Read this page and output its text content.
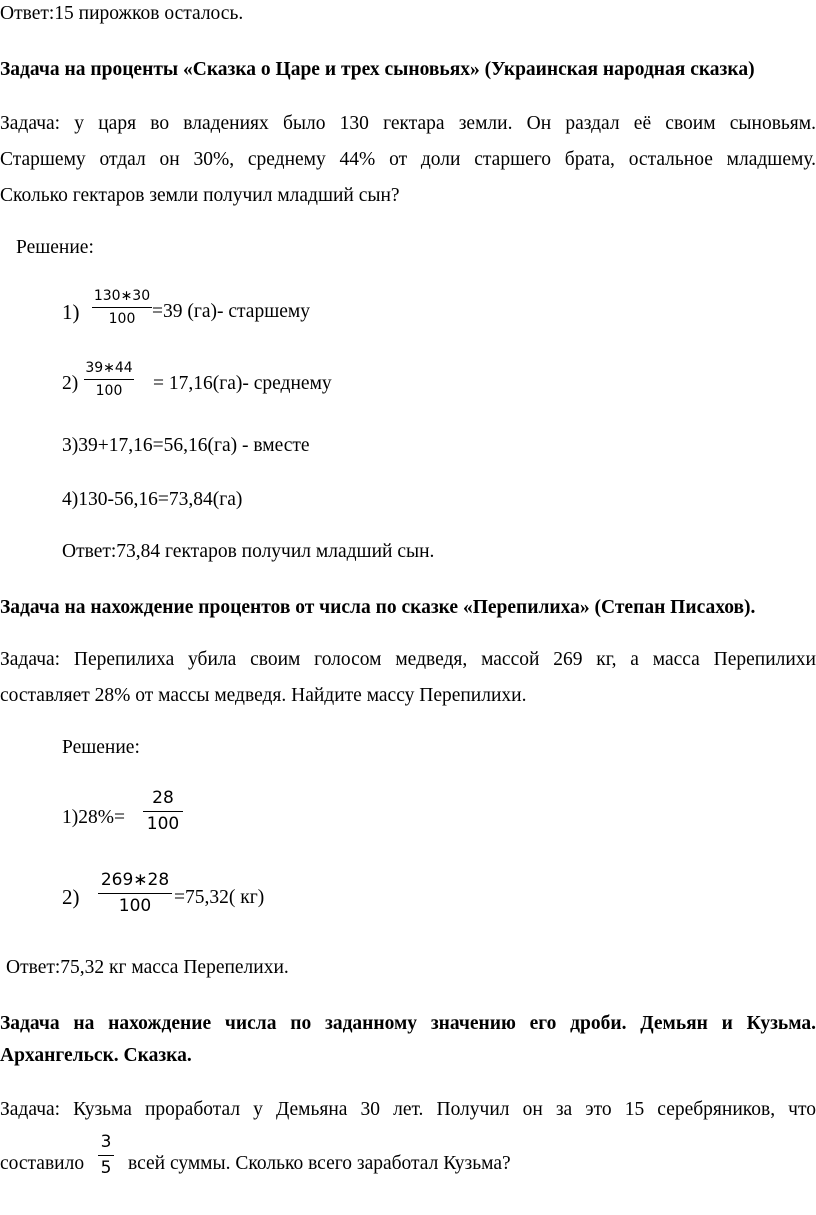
Ответ:15 пирожков осталось.
Задача на проценты «Сказка о Царе и трех сыновьях» (Украинская народная сказка)
Задача: у царя во владениях было 130 гектара земли. Он раздал её своим сыновьям.
Старшему отдал он 30%, среднему 44% от доли старшего брата, остальное младшему.
Сколько гектаров земли получил младший сын?
Решение:
1)
130∗30
100 =39 (га)- старшему
2)
39∗44
100	= 17,16(га)- среднему
3)39+17,16=56,16(га) - вместе
4)130-56,16=73,84(га)
Ответ:73,84 гектаров получил младший сын.
Задача на нахождение процентов от числа по сказке «Перепилиха» (Степан Писахов).
Задача: Перепилиха убила своим голосом медведя, массой 269 кг, а масса Перепилихи
составляет 28% от массы медведя. Найдите массу Перепилихи.
Решение:
1)28%=
28
100
2)
269∗28
100	=75,32( кг)
Ответ:75,32 кг масса Перепелихи.
Задача на нахождение числа по заданному значению его дроби. Демьян и Кузьма.
Архангельск. Сказка.
Задача: Кузьма проработал у Демьяна 30 лет. Получил он за это 15 серебряников, что
составило
3
5 всей суммы. Сколько всего заработал Кузьма?
